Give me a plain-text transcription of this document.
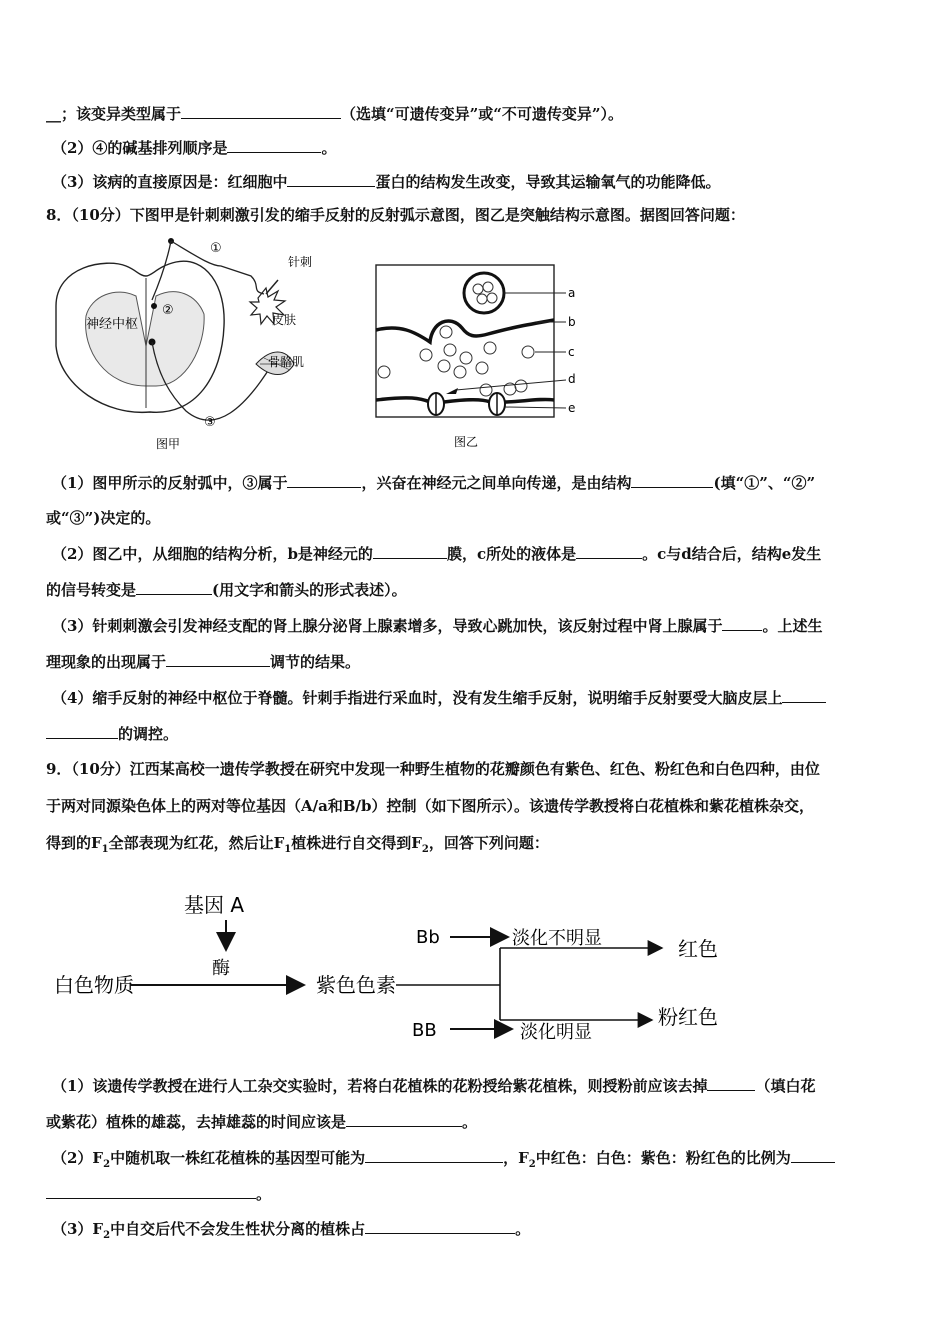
__；该变异类型属于	（选填“可遗传变异”或“不可遗传变异”）。
（2）④的碱基排列顺序是	。
（3）该病的直接原因是：红细胞中	蛋白的结构发生改变，导致其运输氧气的功能降低。
8．（10分）下图甲是针刺刺激引发的缩手反射的反射弧示意图，图乙是突触结构示意图。据图回答问题：
神经中枢
①
②
③
针刺
皮肤
骨骼肌
图甲
a
b
c
d
e
图乙
（1）图甲所示的反射弧中，③属于	，兴奋在神经元之间单向传递，是由结构	(填“①”、“②”
或“③”)决定的。
（2）图乙中，从细胞的结构分析，b是神经元的	膜，c所处的液体是	。c与d结合后，结构e发生
的信号转变是	(用文字和箭头的形式表述）。
（3）针刺刺激会引发神经支配的肾上腺分泌肾上腺素增多，导致心跳加快，该反射过程中肾上腺属于	。上述生
理现象的出现属于	调节的结果。
（4）缩手反射的神经中枢位于脊髓。针刺手指进行采血时，没有发生缩手反射，说明缩手反射要受大脑皮层上
的调控。
9．（10分）江西某高校一遗传学教授在研究中发现一种野生植物的花瓣颜色有紫色、红色、粉红色和白色四种，由位
于两对同源染色体上的两对等位基因（A/a和B/b）控制（如下图所示）。该遗传学教授将白花植株和紫花植株杂交，
得到的$F_1$全部表现为红花，然后让$F_1$植株进行自交得到$F_2$，回答下列问题：
基因 A
酶
白色物质	紫色色素
Bb	淡化不明显	红色
BB	淡化明显
粉红色
（1）该遗传学教授在进行人工杂交实验时，若将白花植株的花粉授给紫花植株，则授粉前应该去掉	（填白花
或紫花）植株的雄蕊，去掉雄蕊的时间应该是	。
$(2)F_2$中随机取一株红花植株的基因型可能为	，$F_2$中红色：白色：紫色：粉红色的比例为
。
$(3)F_2$中自交后代不会发生性状分离的植株占	。
